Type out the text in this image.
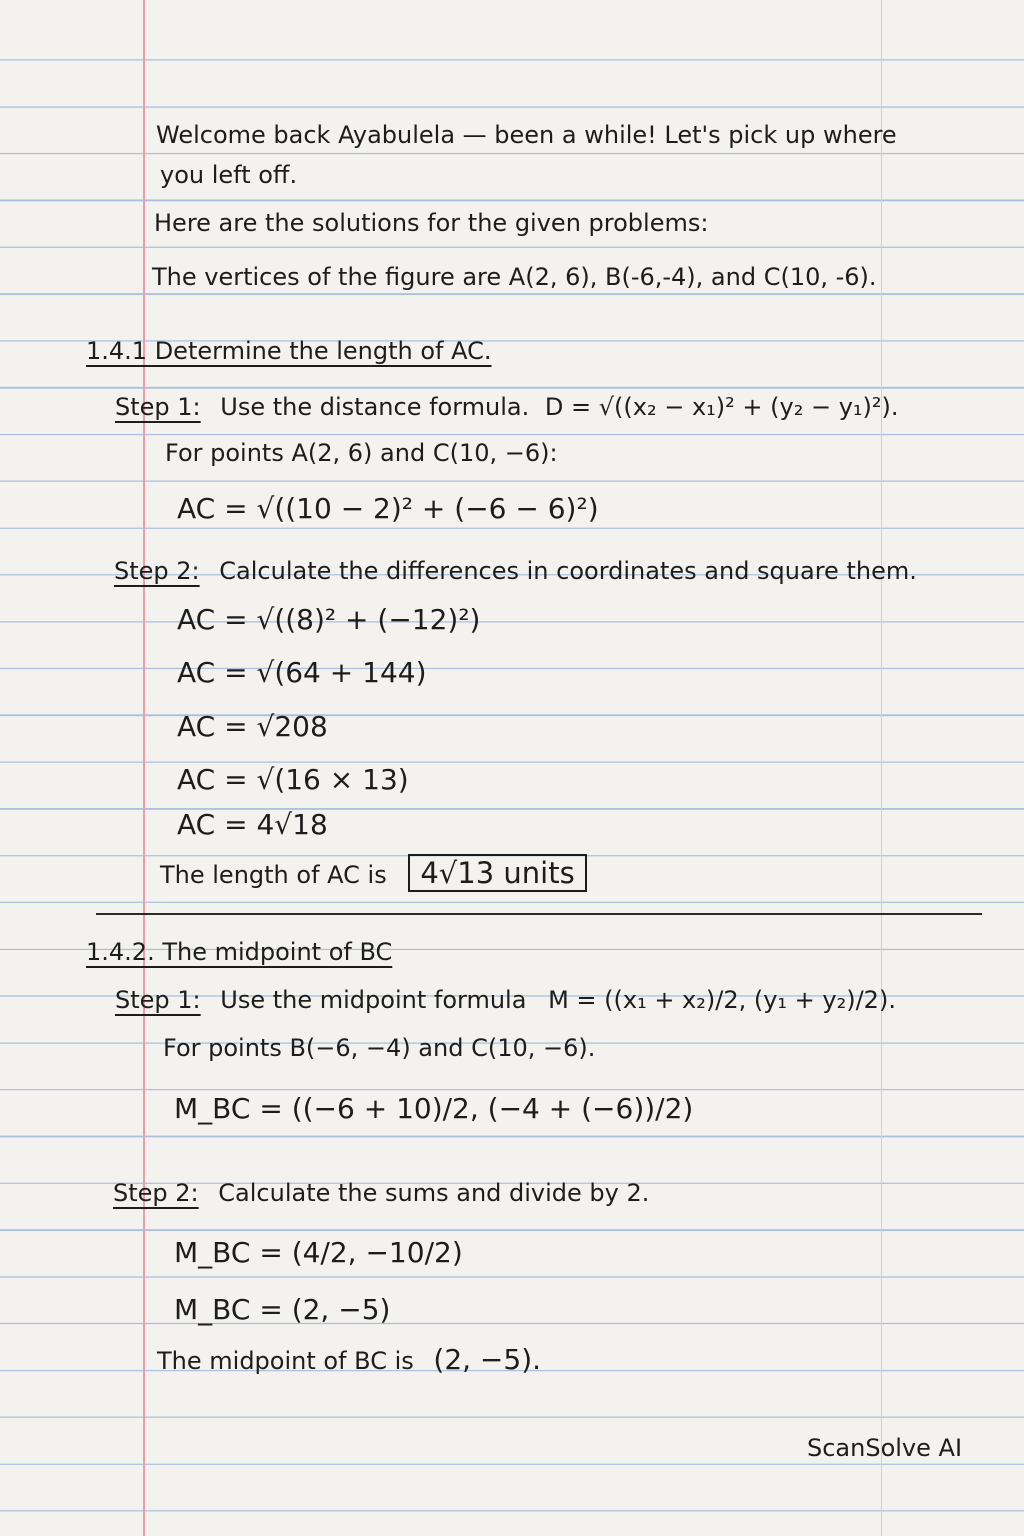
Welcome back Ayabulela — been a while! Let's pick up where
you left off.
Here are the solutions for the given problems:
The vertices of the figure are A(2, 6), B(-6,-4), and C(10, -6).
1.4.1 Determine the length of AC.
Step 1: Use the distance formula. D = √((x₂ − x₁)² + (y₂ − y₁)²).
For points A(2, 6) and C(10, −6):
AC = √((10 − 2)² + (−6 − 6)²)
Step 2: Calculate the differences in coordinates and square them.
AC = √((8)² + (−12)²)
AC = √(64 + 144)
AC = √208
AC = √(16 × 13)
AC = 4√18
The length of AC is 4√13 units
1.4.2. The midpoint of BC
Step 1: Use the midpoint formula M = ((x₁ + x₂)/2, (y₁ + y₂)/2).
For points B(−6, −4) and C(10, −6).
M_BC = ((−6 + 10)/2, (−4 + (−6))/2)
Step 2: Calculate the sums and divide by 2.
M_BC = (4/2, −10/2)
M_BC = (2, −5)
The midpoint of BC is (2, −5).
ScanSolve AI
